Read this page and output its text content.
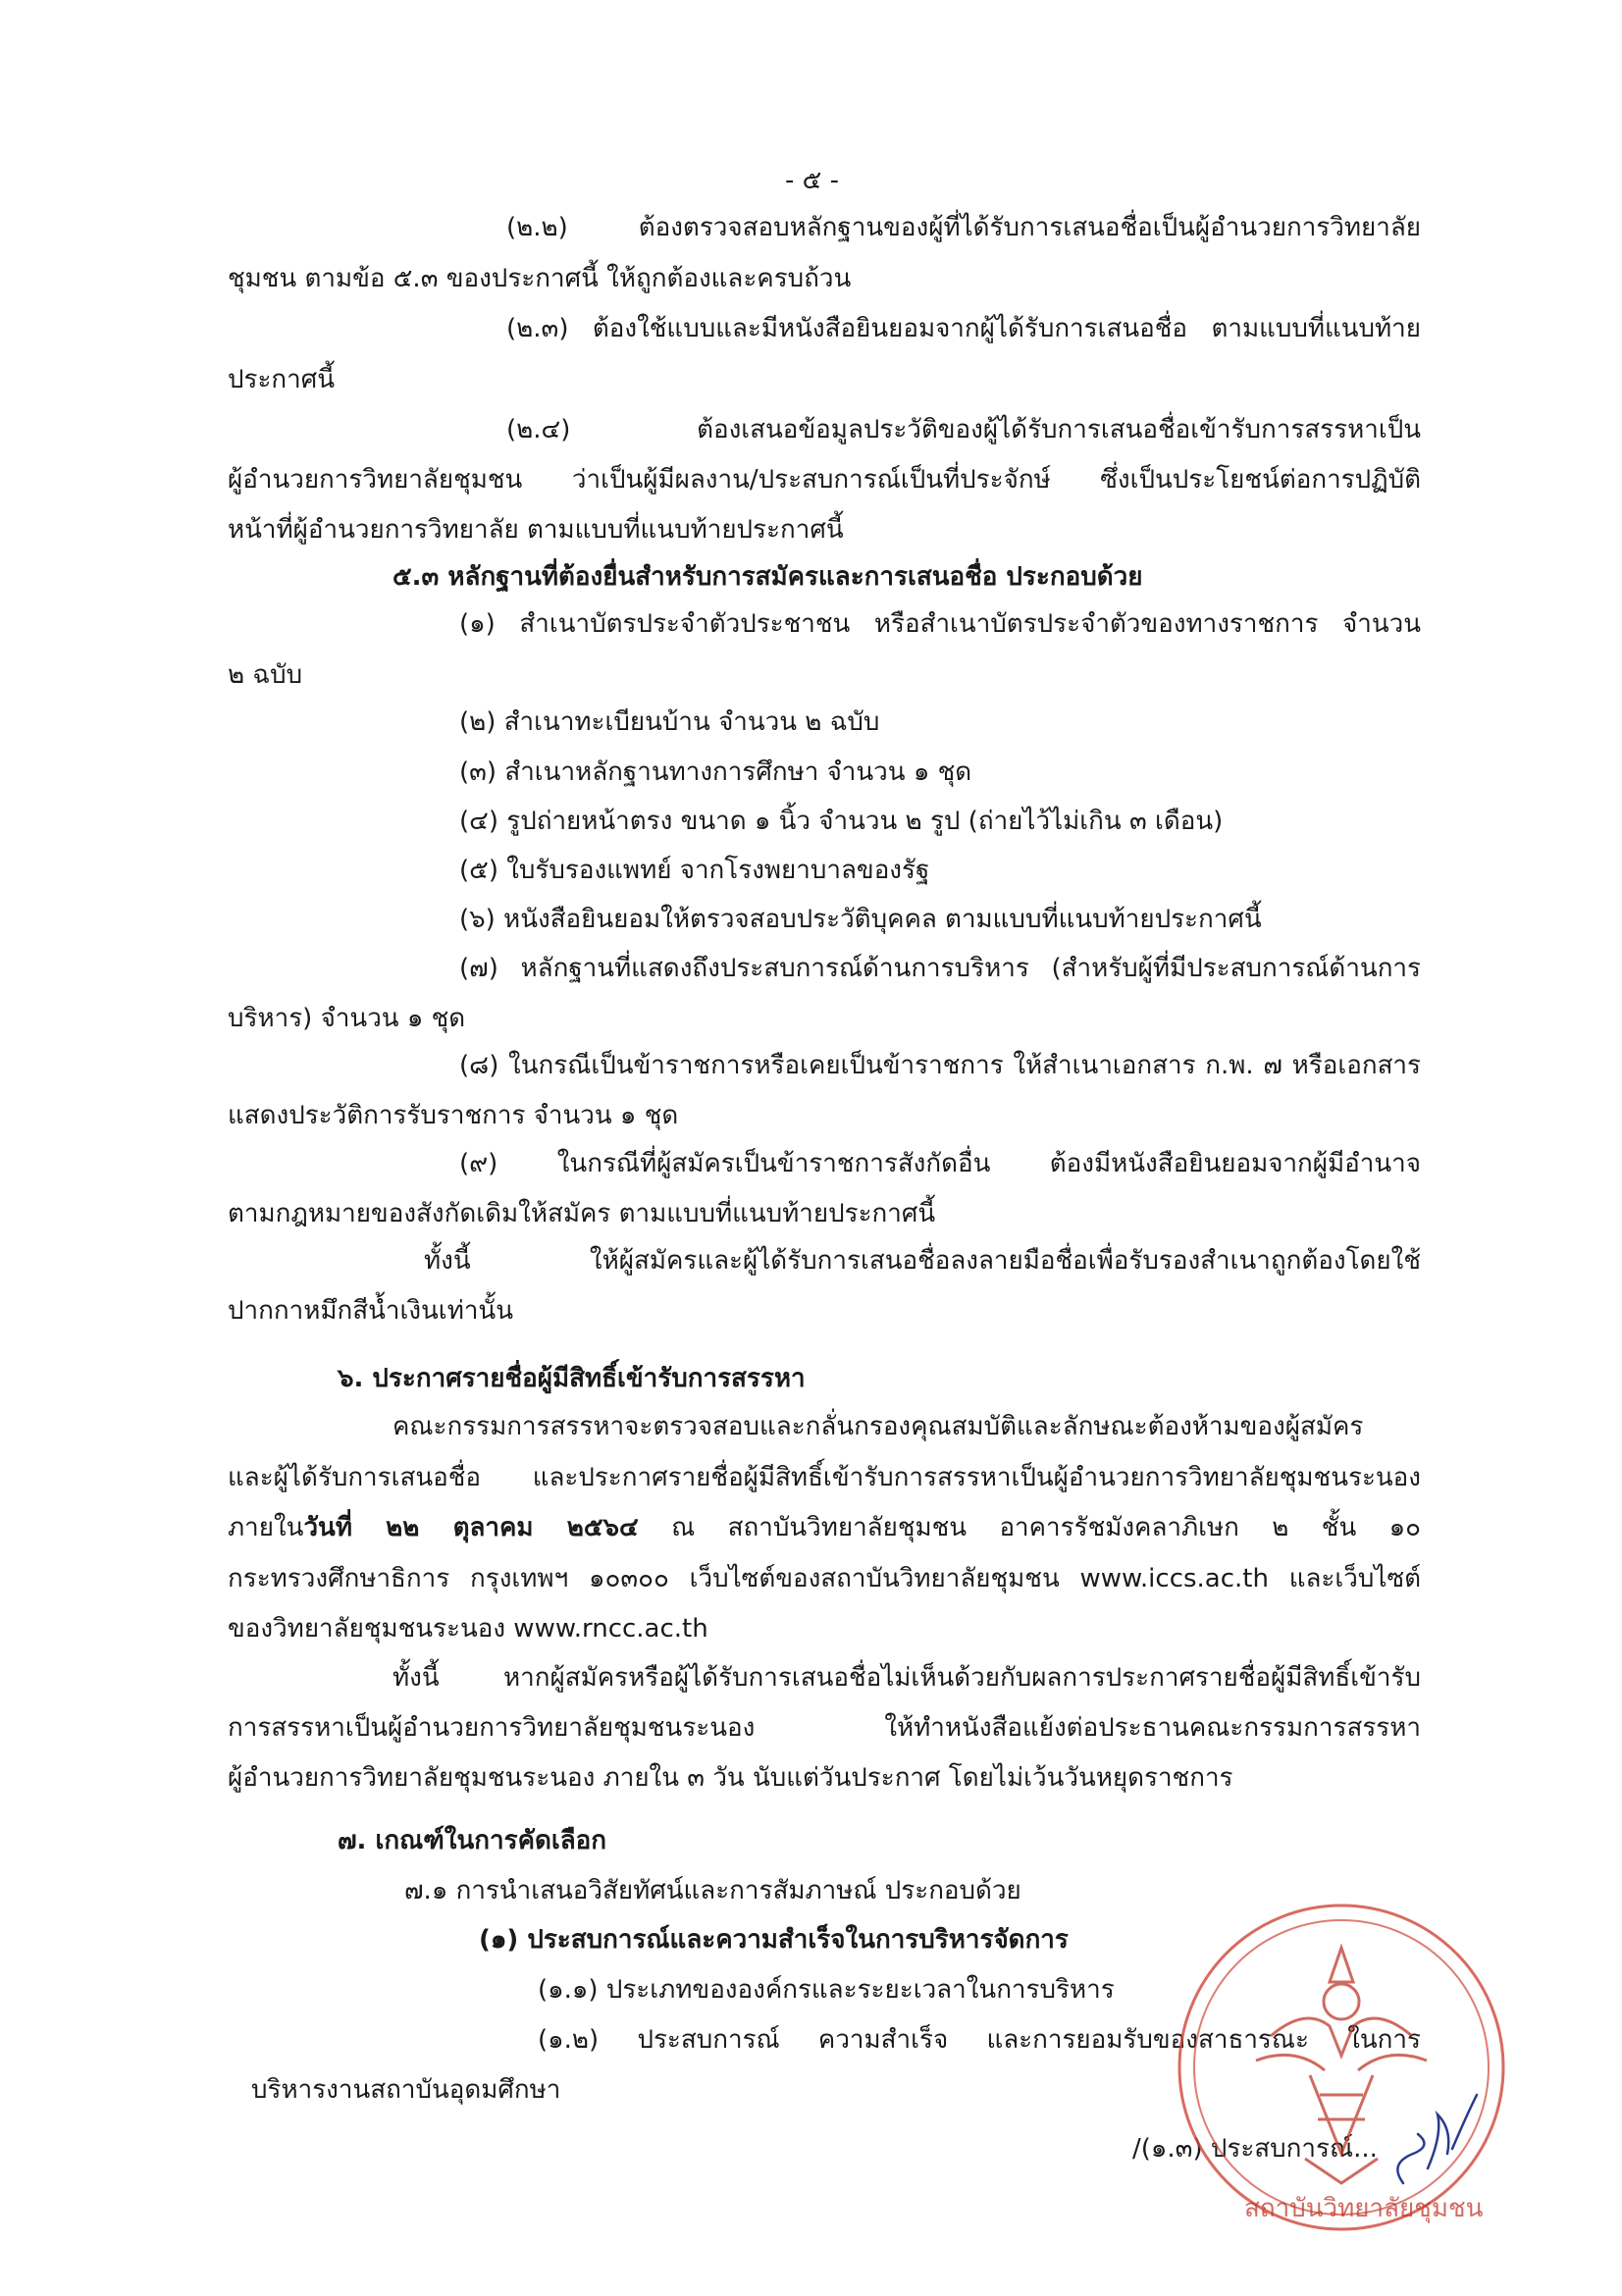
- ๕ -
(๒.๒) ต้องตรวจสอบหลักฐานของผู้ที่ได้รับการเสนอชื่อเป็นผู้อำนวยการวิทยาลัย
ชุมชน ตามข้อ ๕.๓ ของประกาศนี้ ให้ถูกต้องและครบถ้วน
(๒.๓) ต้องใช้แบบและมีหนังสือยินยอมจากผู้ได้รับการเสนอชื่อ ตามแบบที่แนบท้าย
ประกาศนี้
(๒.๔) ต้องเสนอข้อมูลประวัติของผู้ได้รับการเสนอชื่อเข้ารับการสรรหาเป็น
ผู้อำนวยการวิทยาลัยชุมชน ว่าเป็นผู้มีผลงาน/ประสบการณ์เป็นที่ประจักษ์ ซึ่งเป็นประโยชน์ต่อการปฏิบัติ
หน้าที่ผู้อำนวยการวิทยาลัย ตามแบบที่แนบท้ายประกาศนี้
๕.๓ หลักฐานที่ต้องยื่นสำหรับการสมัครและการเสนอชื่อ ประกอบด้วย
(๑) สำเนาบัตรประจำตัวประชาชน หรือสำเนาบัตรประจำตัวของทางราชการ จำนวน
๒ ฉบับ
(๒) สำเนาทะเบียนบ้าน จำนวน ๒ ฉบับ
(๓) สำเนาหลักฐานทางการศึกษา จำนวน ๑ ชุด
(๔) รูปถ่ายหน้าตรง ขนาด ๑ นิ้ว จำนวน ๒ รูป (ถ่ายไว้ไม่เกิน ๓ เดือน)
(๕) ใบรับรองแพทย์ จากโรงพยาบาลของรัฐ
(๖) หนังสือยินยอมให้ตรวจสอบประวัติบุคคล ตามแบบที่แนบท้ายประกาศนี้
(๗) หลักฐานที่แสดงถึงประสบการณ์ด้านการบริหาร (สำหรับผู้ที่มีประสบการณ์ด้านการ
บริหาร) จำนวน ๑ ชุด
(๘) ในกรณีเป็นข้าราชการหรือเคยเป็นข้าราชการ ให้สำเนาเอกสาร ก.พ. ๗ หรือเอกสาร
แสดงประวัติการรับราชการ จำนวน ๑ ชุด
(๙) ในกรณีที่ผู้สมัครเป็นข้าราชการสังกัดอื่น ต้องมีหนังสือยินยอมจากผู้มีอำนาจ
ตามกฎหมายของสังกัดเดิมให้สมัคร ตามแบบที่แนบท้ายประกาศนี้
ทั้งนี้ ให้ผู้สมัครและผู้ได้รับการเสนอชื่อลงลายมือชื่อเพื่อรับรองสำเนาถูกต้องโดยใช้
ปากกาหมึกสีน้ำเงินเท่านั้น
๖. ประกาศรายชื่อผู้มีสิทธิ์เข้ารับการสรรหา
คณะกรรมการสรรหาจะตรวจสอบและกลั่นกรองคุณสมบัติและลักษณะต้องห้ามของผู้สมัคร
และผู้ได้รับการเสนอชื่อ และประกาศรายชื่อผู้มีสิทธิ์เข้ารับการสรรหาเป็นผู้อำนวยการวิทยาลัยชุมชนระนอง
ภายในวันที่ ๒๒ ตุลาคม ๒๕๖๔ ณ สถาบันวิทยาลัยชุมชน อาคารรัชมังคลาภิเษก ๒ ชั้น ๑๐
กระทรวงศึกษาธิการ กรุงเทพฯ ๑๐๓๐๐ เว็บไซต์ของสถาบันวิทยาลัยชุมชน www.iccs.ac.th และเว็บไซต์
ของวิทยาลัยชุมชนระนอง www.rncc.ac.th
ทั้งนี้ หากผู้สมัครหรือผู้ได้รับการเสนอชื่อไม่เห็นด้วยกับผลการประกาศรายชื่อผู้มีสิทธิ์เข้ารับ
การสรรหาเป็นผู้อำนวยการวิทยาลัยชุมชนระนอง ให้ทำหนังสือแย้งต่อประธานคณะกรรมการสรรหา
ผู้อำนวยการวิทยาลัยชุมชนระนอง ภายใน ๓ วัน นับแต่วันประกาศ โดยไม่เว้นวันหยุดราชการ
๗. เกณฑ์ในการคัดเลือก
๗.๑ การนำเสนอวิสัยทัศน์และการสัมภาษณ์ ประกอบด้วย
(๑) ประสบการณ์และความสำเร็จในการบริหารจัดการ
(๑.๑) ประเภทขององค์กรและระยะเวลาในการบริหาร
(๑.๒) ประสบการณ์ ความสำเร็จ และการยอมรับของสาธารณะ ในการ
บริหารงานสถาบันอุดมศึกษา
/(๑.๓) ประสบการณ์...
สถาบันวิทยาลัยชุมชน
